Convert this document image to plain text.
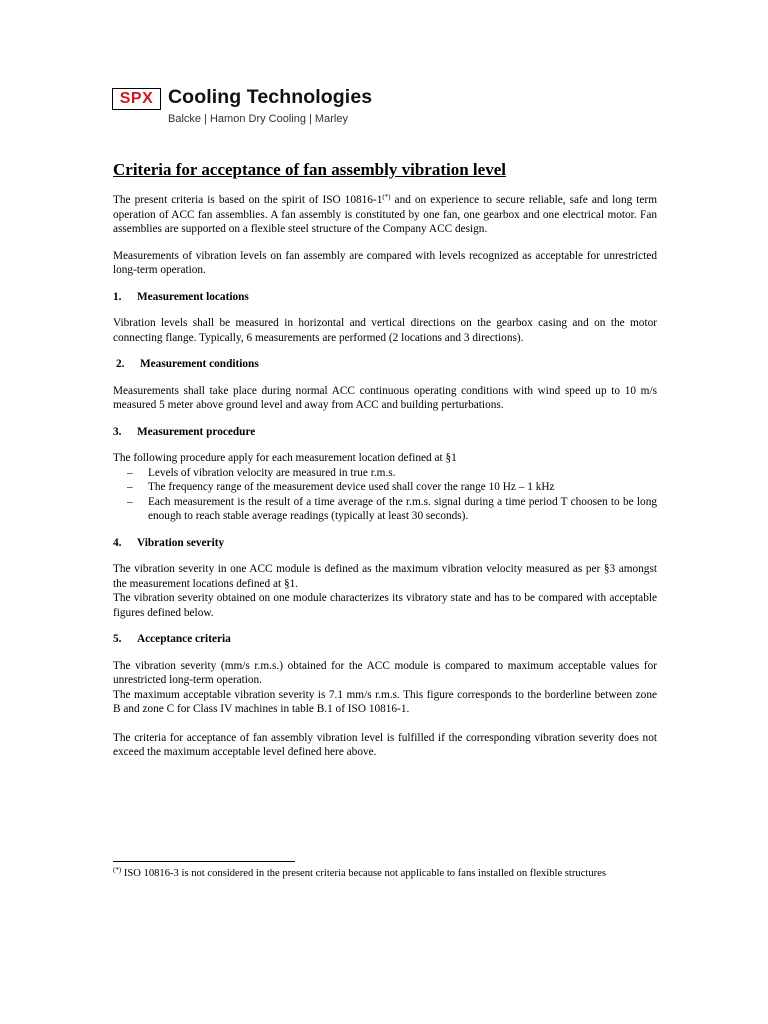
SPX Cooling Technologies
Balcke | Hamon Dry Cooling | Marley
Criteria for acceptance of fan assembly vibration level

The present criteria is based on the spirit of ISO 10816-1(*) and on experience to secure reliable, safe and long term operation of ACC fan assemblies. A fan assembly is constituted by one fan, one gearbox and one electrical motor. Fan assemblies are supported on a flexible steel structure of the Company ACC design.

Measurements of vibration levels on fan assembly are compared with levels recognized as acceptable for unrestricted long-term operation.

1.	Measurement locations

Vibration levels shall be measured in horizontal and vertical directions on the gearbox casing and on the motor connecting flange. Typically, 6 measurements are performed (2 locations and 3 directions).

2.	Measurement conditions

Measurements shall take place during normal ACC continuous operating conditions with wind speed up to 10 m/s measured 5 meter above ground level and away from ACC and building perturbations.

3.	Measurement procedure

The following procedure apply for each measurement location defined at §1

– Levels of vibration velocity are measured in true r.m.s.
– The frequency range of the measurement device used shall cover the range 10 Hz – 1 kHz
– Each measurement is the result of a time average of the r.m.s. signal during a time period T choosen to be long enough to reach stable average readings (typically at least 30 seconds).
4.	Vibration severity

The vibration severity in one ACC module is defined as the maximum vibration velocity measured as per §3 amongst the measurement locations defined at §1.

The vibration severity obtained on one module characterizes its vibratory state and has to be compared with acceptable figures defined below.

5.	Acceptance criteria

The vibration severity (mm/s r.m.s.) obtained for the ACC module is compared to maximum acceptable values for unrestricted long-term operation.

The maximum acceptable vibration severity is 7.1 mm/s r.m.s. This figure corresponds to the borderline between zone B and zone C for Class IV machines in table B.1 of ISO 10816-1.

The criteria for acceptance of fan assembly vibration level is fulfilled if the corresponding vibration severity does not exceed the maximum acceptable level defined here above.

(*) ISO 10816-3 is not considered in the present criteria because not applicable to fans installed on flexible structures
